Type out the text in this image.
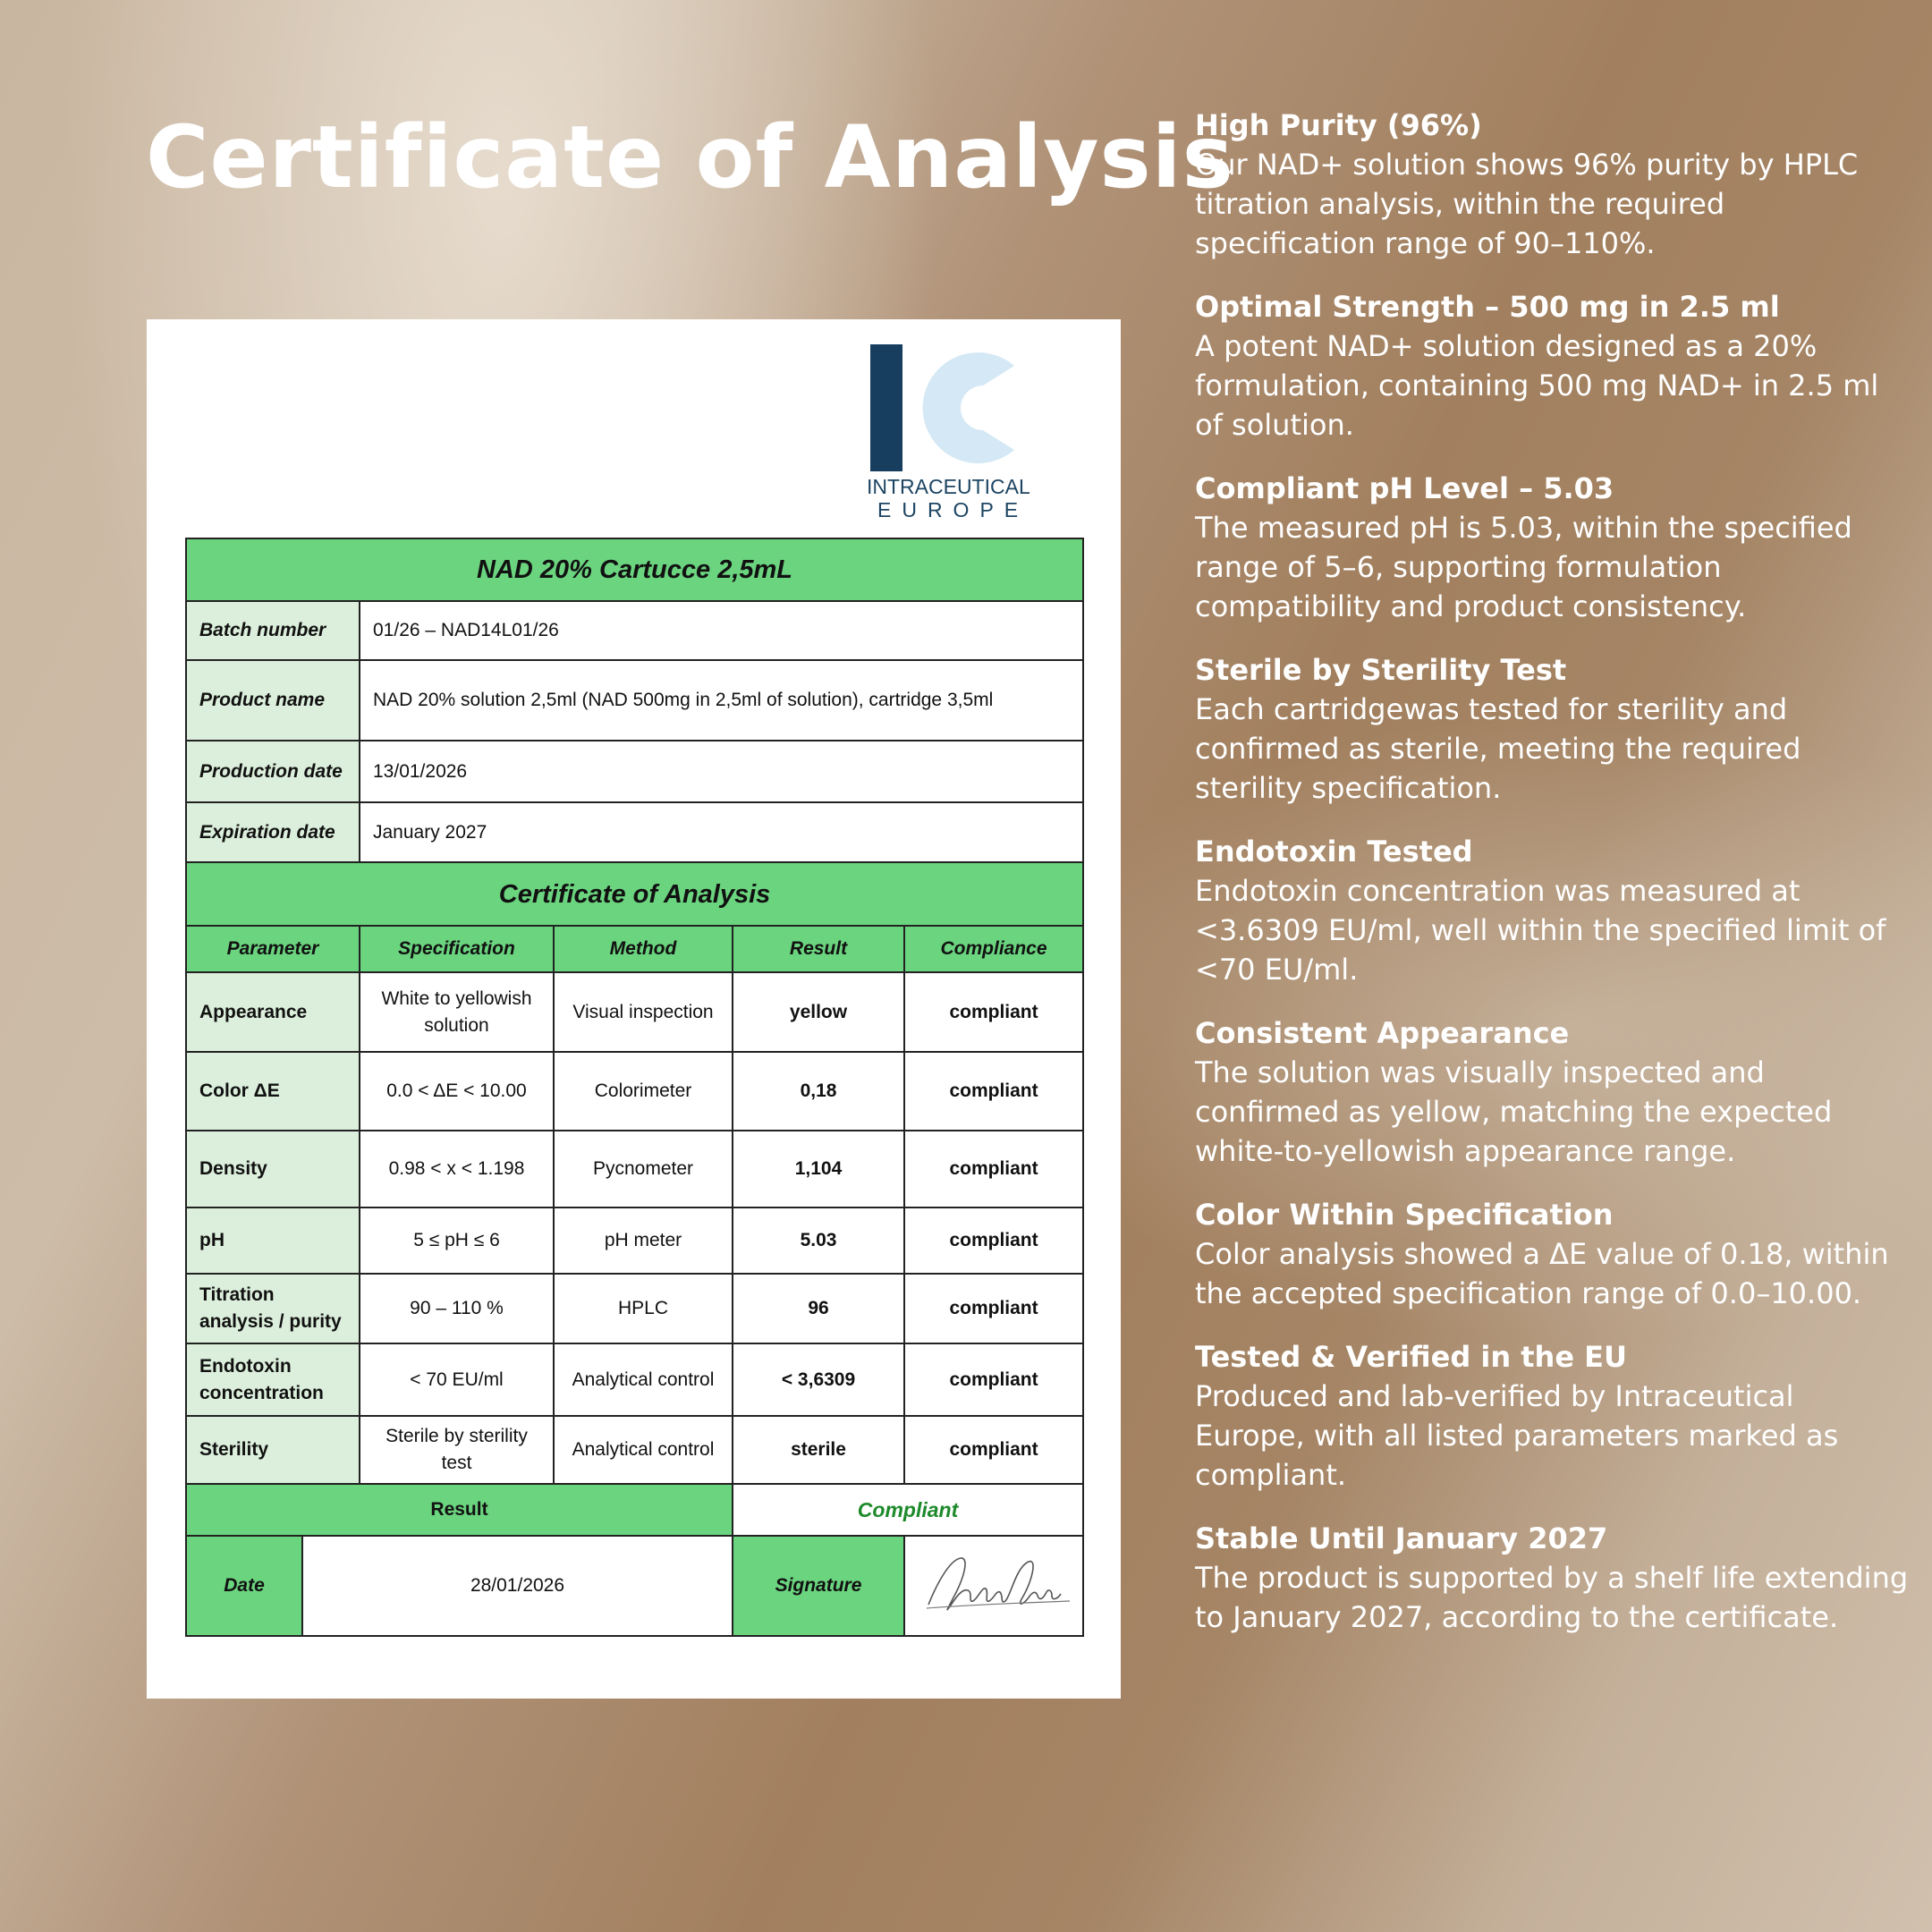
Certificate of Analysis
INTRACEUTICAL
EUROPE
NAD 20% Cartucce 2,5mL					
Batch number		01/26 – NAD14L01/26			
Product name		NAD 20% solution 2,5ml (NAD 500mg in 2,5ml of solution), cartridge 3,5ml			
Production date		13/01/2026			
Expiration date		January 2027			
Certificate of Analysis					
Parameter		Specification	Method	Result	Compliance
Appearance		White to yellowish solution	Visual inspection	yellow	compliant
Color ΔE		0.0 < ΔE < 10.00	Colorimeter	0,18	compliant
Density		0.98 < x < 1.198	Pycnometer	1,104	compliant
pH		5 ≤ pH ≤ 6	pH meter	5.03	compliant
Titration analysis / purity		90 – 110 %	HPLC	96	compliant
Endotoxin concentration		< 70 EU/ml	Analytical control	< 3,6309	compliant
Sterility		Sterile by sterility test	Analytical control	sterile	compliant
Result				Compliant	
Date	28/01/2026			Signature	

High Purity (96%)

Our NAD+ solution shows 96% purity by HPLC titration analysis, within the required specification range of 90–110%.

Optimal Strength – 500 mg in 2.5 ml

A potent NAD+ solution designed as a 20% formulation, containing 500 mg NAD+ in 2.5 ml of solution.

Compliant pH Level – 5.03

The measured pH is 5.03, within the specified range of 5–6, supporting formulation compatibility and product consistency.

Sterile by Sterility Test

Each cartridgewas tested for sterility and confirmed as sterile, meeting the required sterility specification.

Endotoxin Tested

Endotoxin concentration was measured at <3.6309 EU/ml, well within the specified limit of <70 EU/ml.

Consistent Appearance

The solution was visually inspected and confirmed as yellow, matching the expected white-to-yellowish appearance range.

Color Within Specification

Color analysis showed a ΔE value of 0.18, within the accepted specification range of 0.0–10.00.

Tested & Verified in the EU

Produced and lab-verified by Intraceutical Europe, with all listed parameters marked as compliant.

Stable Until January 2027

The product is supported by a shelf life extending to January 2027, according to the certificate.
